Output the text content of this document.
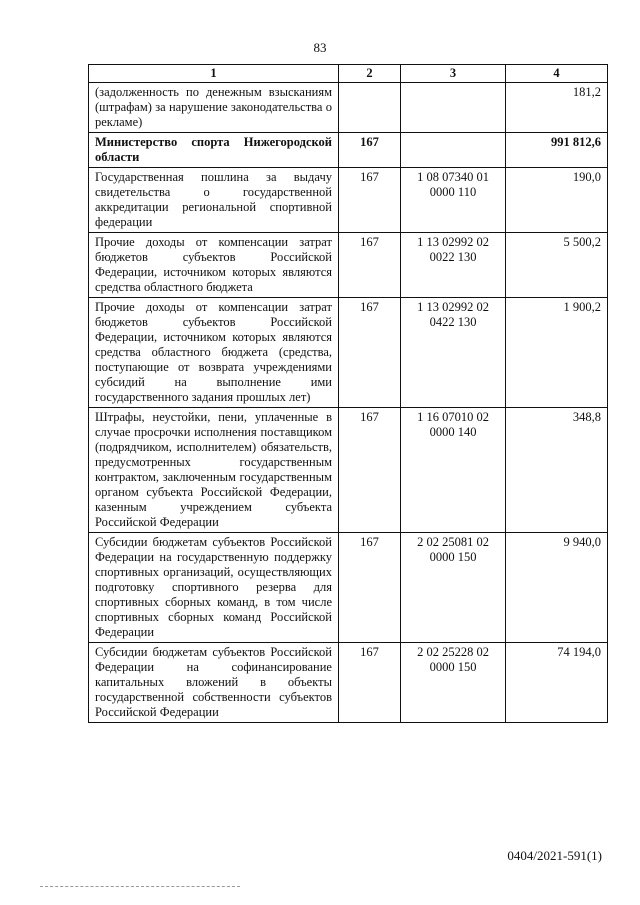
83
1	2	3	4
(задолженность по денежным взысканиям (штрафам) за нарушение законодательства о рекламе)			181,2
Министерство спорта Нижегородской области	167		991 812,6
Государственная пошлина за выдачу свидетельства о государственной аккредитации региональной спортивной федерации	167	1 08 07340 01 0000 110	190,0
Прочие доходы от компенсации затрат бюджетов субъектов Российской Федерации, источником которых являются средства областного бюджета	167	1 13 02992 02 0022 130	5 500,2
Прочие доходы от компенсации затрат бюджетов субъектов Российской Федерации, источником которых являются средства областного бюджета (средства, поступающие от возврата учреждениями субсидий на выполнение ими государственного задания прошлых лет)	167	1 13 02992 02 0422 130	1 900,2
Штрафы, неустойки, пени, уплаченные в случае просрочки исполнения поставщиком (подрядчиком, исполнителем) обязательств, предусмотренных государственным контрактом, заключенным государственным органом субъекта Российской Федерации, казенным учреждением субъекта Российской Федерации	167	1 16 07010 02 0000 140	348,8
Субсидии бюджетам субъектов Российской Федерации на государственную поддержку спортивных организаций, осуществляющих подготовку спортивного резерва для спортивных сборных команд, в том числе спортивных сборных команд Российской Федерации	167	2 02 25081 02 0000 150	9 940,0
Субсидии бюджетам субъектов Российской Федерации на софинансирование капитальных вложений в объекты государственной собственности субъектов Российской Федерации	167	2 02 25228 02 0000 150	74 194,0
0404/2021-591(1)
